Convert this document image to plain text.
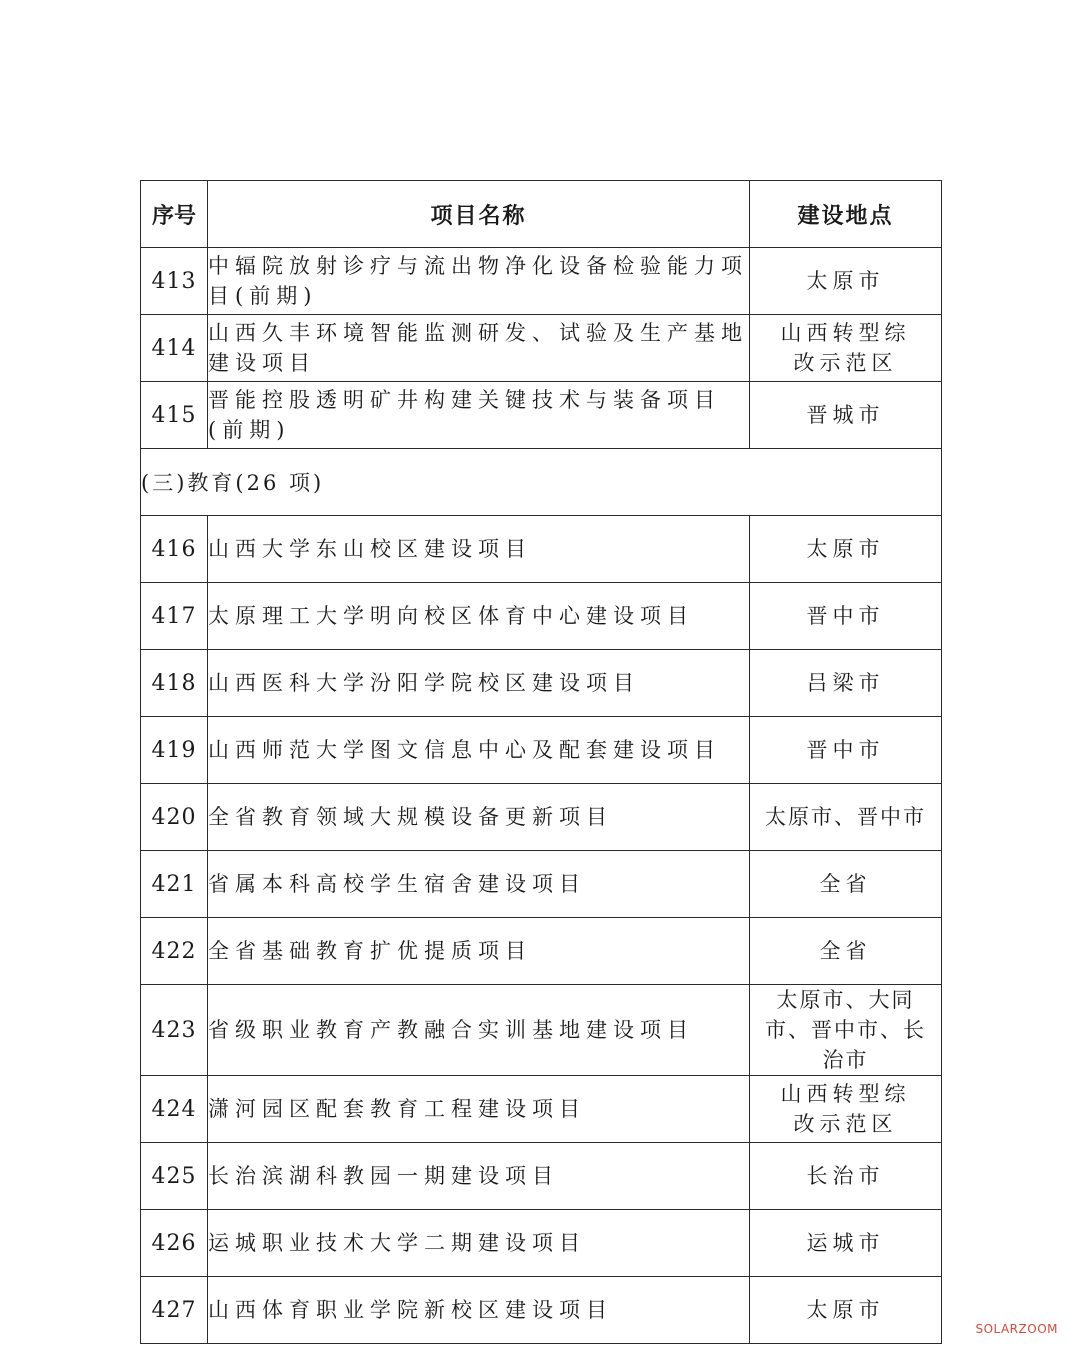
序号	项目名称	建设地点
413	中辐院放射诊疗与流出物净化设备检验能力项目(前期)	太原市
414	山西久丰环境智能监测研发、试验及生产基地建设项目	山西转型综改示范区
415	晋能控股透明矿井构建关键技术与装备项目(前期)	晋城市
(三)教育(26 项)		
416	山西大学东山校区建设项目	太原市
417	太原理工大学明向校区体育中心建设项目	晋中市
418	山西医科大学汾阳学院校区建设项目	吕梁市
419	山西师范大学图文信息中心及配套建设项目	晋中市
420	全省教育领域大规模设备更新项目	太原市、晋中市
421	省属本科高校学生宿舍建设项目	全省
422	全省基础教育扩优提质项目	全省
423	省级职业教育产教融合实训基地建设项目	太原市、大同市、晋中市、长治市
424	潇河园区配套教育工程建设项目	山西转型综改示范区
425	长治滨湖科教园一期建设项目	长治市
426	运城职业技术大学二期建设项目	运城市
427	山西体育职业学院新校区建设项目	太原市
SOLARZOOM
